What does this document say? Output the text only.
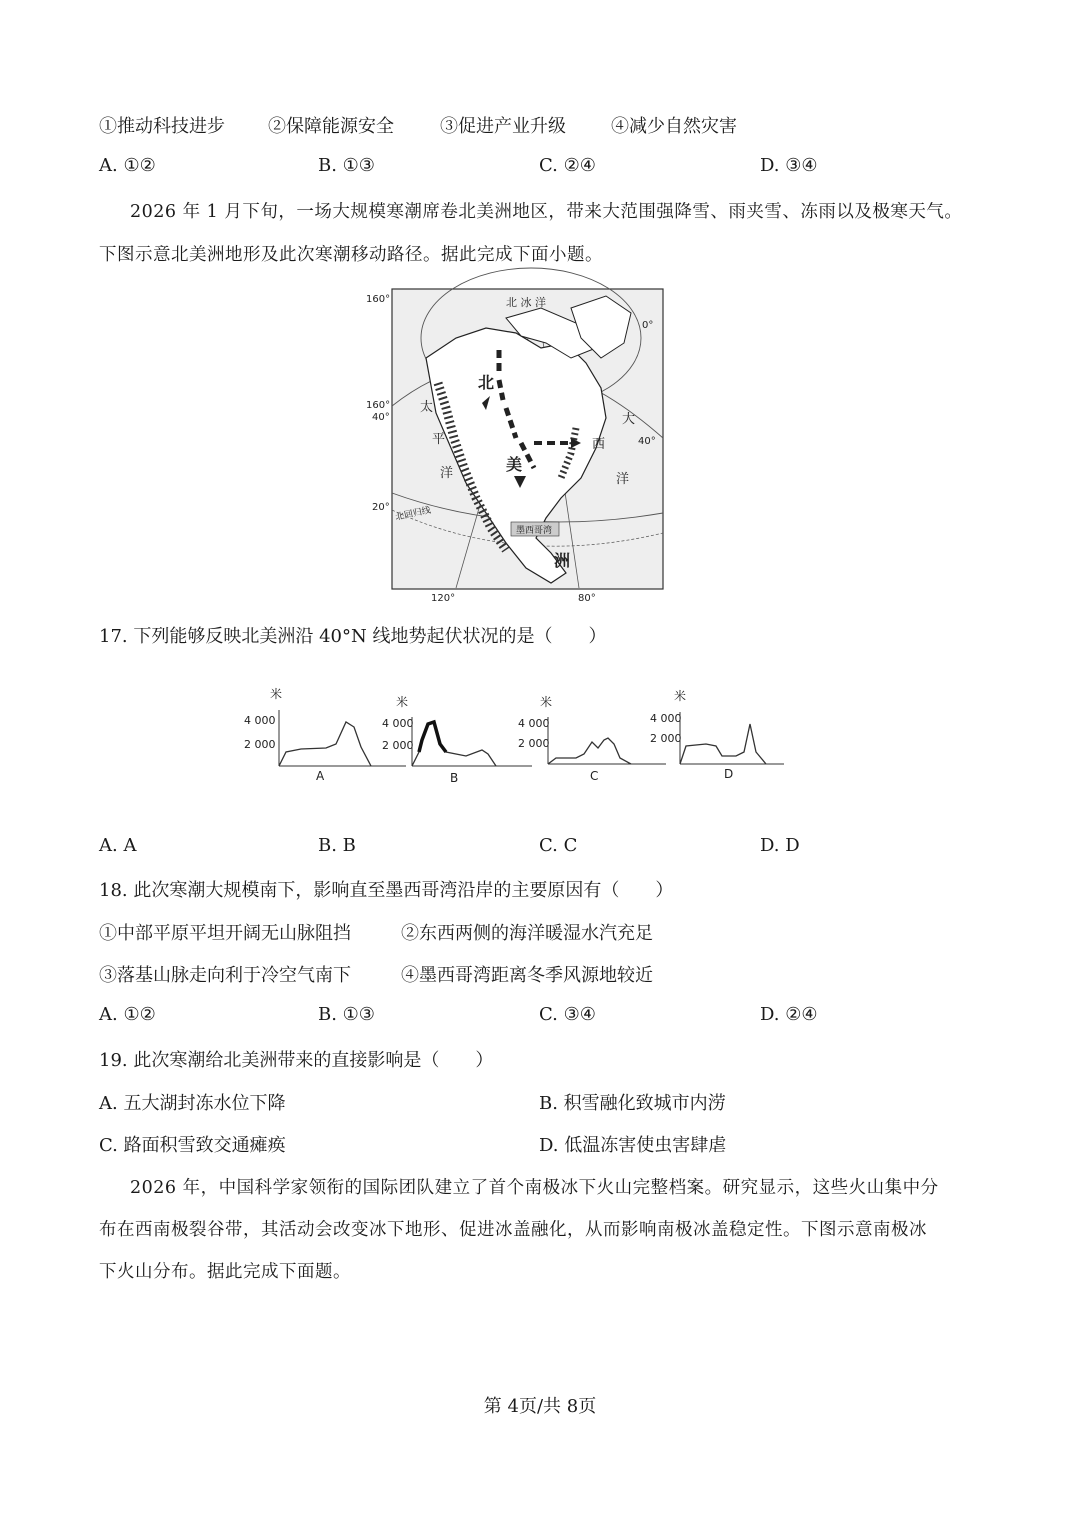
①推动科技进步 ②保障能源安全	③促进产业升级	④减少自然灾害
A. ①②	B. ①③	C. ②④	D. ③④
2026 年 1 月下旬，一场大规模寒潮席卷北美洲地区，带来大范围强降雪、雨夹雪、冻雨以及极寒天气。
下图示意北美洲地形及此次寒潮移动路径。据此完成下面小题。
墨西哥湾
太
平
洋
大
西
洋
北 冰 洋
北
美
洲
北回归线
160°
160°
40°
20°
40°
0°
120°	80°
17. 下列能够反映北美洲沿 40°N 线地势起伏状况的是（　　）
米
4 000
2 000
A
米
4 000
2 000
B
米
4 000
2 000
C
米
4 000
2 000
D
A. A	B. B	C. C	D. D
18. 此次寒潮大规模南下，影响直至墨西哥湾沿岸的主要原因有（　　）
①中部平原平坦开阔无山脉阻挡	②东西两侧的海洋暖湿水汽充足
③落基山脉走向利于冷空气南下	④墨西哥湾距离冬季风源地较近
A. ①②	B. ①③	C. ③④	D. ②④
19. 此次寒潮给北美洲带来的直接影响是（　　）
A. 五大湖封冻水位下降	B. 积雪融化致城市内涝
C. 路面积雪致交通瘫痪	D. 低温冻害使虫害肆虐
2026 年，中国科学家领衔的国际团队建立了首个南极冰下火山完整档案。研究显示，这些火山集中分
布在西南极裂谷带，其活动会改变冰下地形、促进冰盖融化，从而影响南极冰盖稳定性。下图示意南极冰
下火山分布。据此完成下面题。
第 4页/共 8页
